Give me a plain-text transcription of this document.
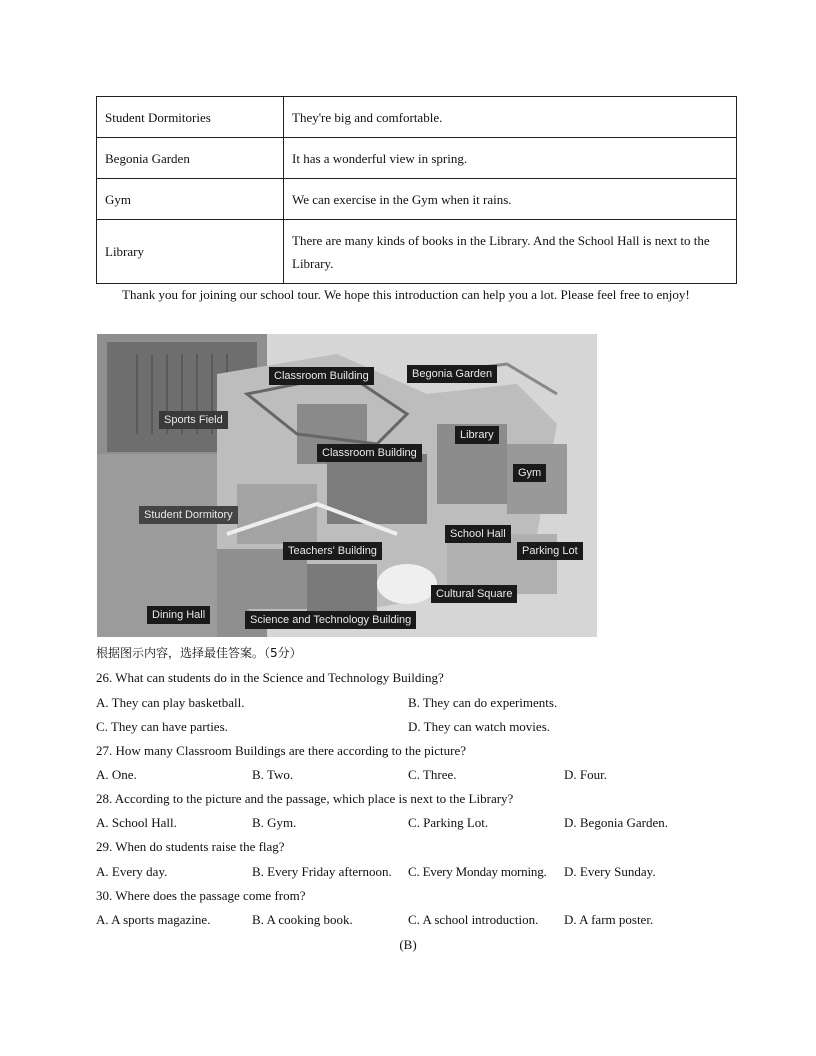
Student Dormitories	They're big and comfortable.
Begonia Garden	It has a wonderful view in spring.
Gym	We can exercise in the Gym when it rains.
Library	There are many kinds of books in the Library. And the School Hall is next to the Library.
Thank you for joining our school tour. We hope this introduction can help you a lot. Please feel free to enjoy!
Classroom Building	Begonia Garden
Sports Field
Library
Classroom Building
Gym
Student Dormitory
School Hall
Teachers' Building	Parking Lot
Cultural Square
Dining Hall	Science and Technology Building
根据图示内容，选择最佳答案。（5分）
26. What can students do in the Science and Technology Building?
A. They can play basketball.	B. They can do experiments.
C. They can have parties.	D. They can watch movies.
27. How many Classroom Buildings are there according to the picture?
A. One.	B. Two.	C. Three.	D. Four.
28. According to the picture and the passage, which place is next to the Library?
A. School Hall.	B. Gym.	C. Parking Lot.	D. Begonia Garden.
29. When do students raise the flag?
A. Every day.	B. Every Friday afternoon. C. Every Monday morning. D. Every Sunday.
30. Where does the passage come from?
A. A sports magazine.	B. A cooking book.	C. A school introduction. D. A farm poster.
(B)
